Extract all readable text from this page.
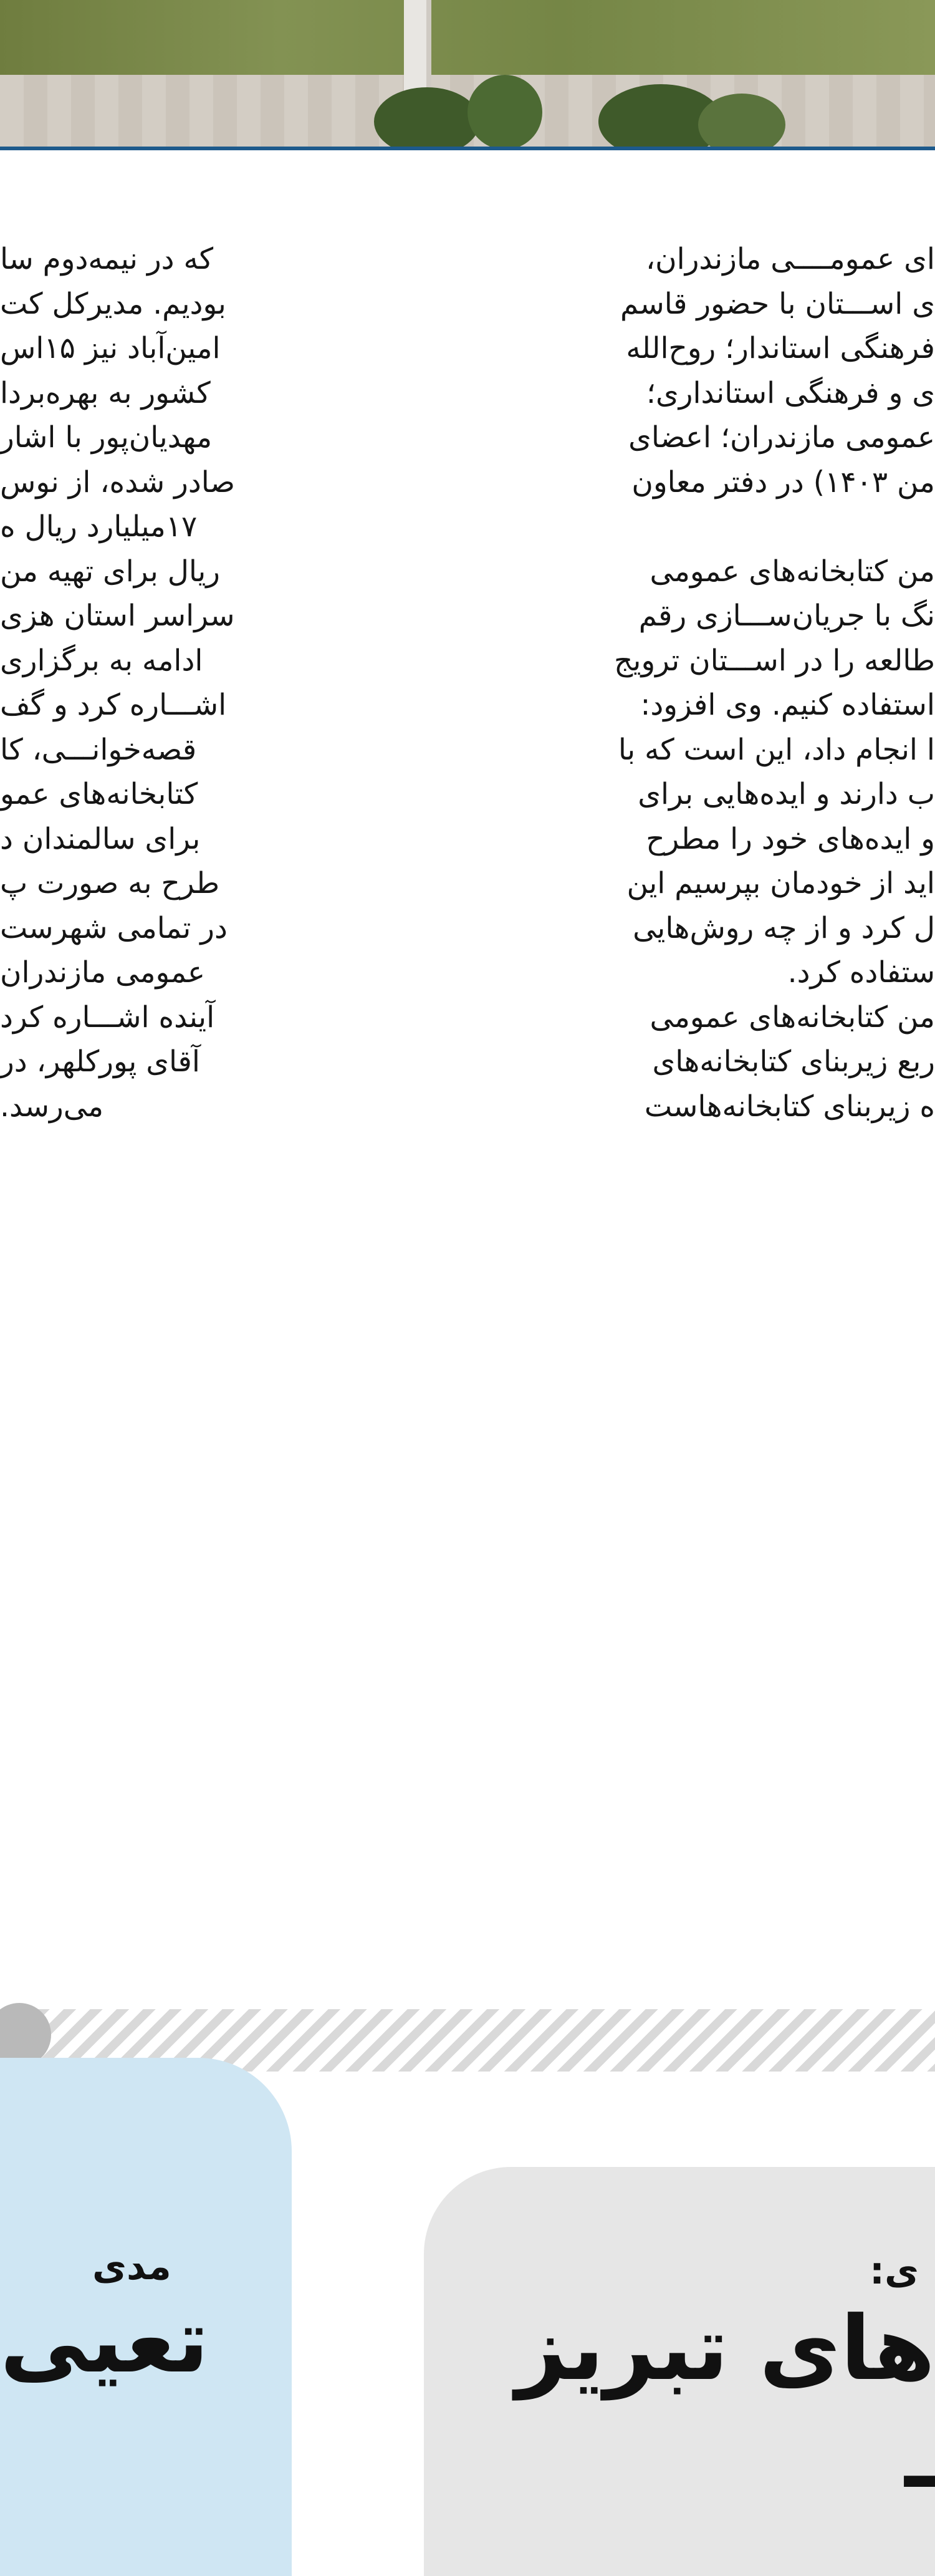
ای عمومــــی مازندران،

ی اســـتان با حضور قاسم

فرهنگی استاندار؛ روح‌الله

ی و فرهنگی استانداری؛

عمومی مازندران؛ اعضای

من ۱۴۰۳) در دفتر معاون

من کتابخانه‌های عمومی

نگ با جریان‌ســـازی رقم

طالعه را در اســـتان ترویج

استفاده کنیم. وی افزود:

ا انجام داد، این است که با

ب دارند و ایده‌هایی برای

و ایده‌های خود را مطرح

اید از خودمان بپرسیم این

ل کرد و از چه روش‌هایی

ستفاده کرد.

من کتابخانه‌های عمومی

ربع زیربنای کتابخانه‌های

ه زیربنای کتابخانه‌هاست

که در نیمه‌دوم سا

بودیم. مدیرکل کت

امین‌آباد نیز ۱۵اس

کشور به بهره‌بردا

مهدیان‌پور با اشار

صادر شده، از نوس

۱۷میلیارد ریال ه

ریال برای تهیه من

سراسر استان هزی

ادامه به برگزاری

اشـــاره کرد و گف

قصه‌خوانـــی، کا

کتابخانه‌های عمو

برای سالمندان د

طرح به صورت پ

در تمامی شهرست

عمومی مازندران

آینده اشـــاره کرد

آقای پورکلهر، در

می‌رسد.

مدی
تعیی
ی:
های تبریز
ـ
